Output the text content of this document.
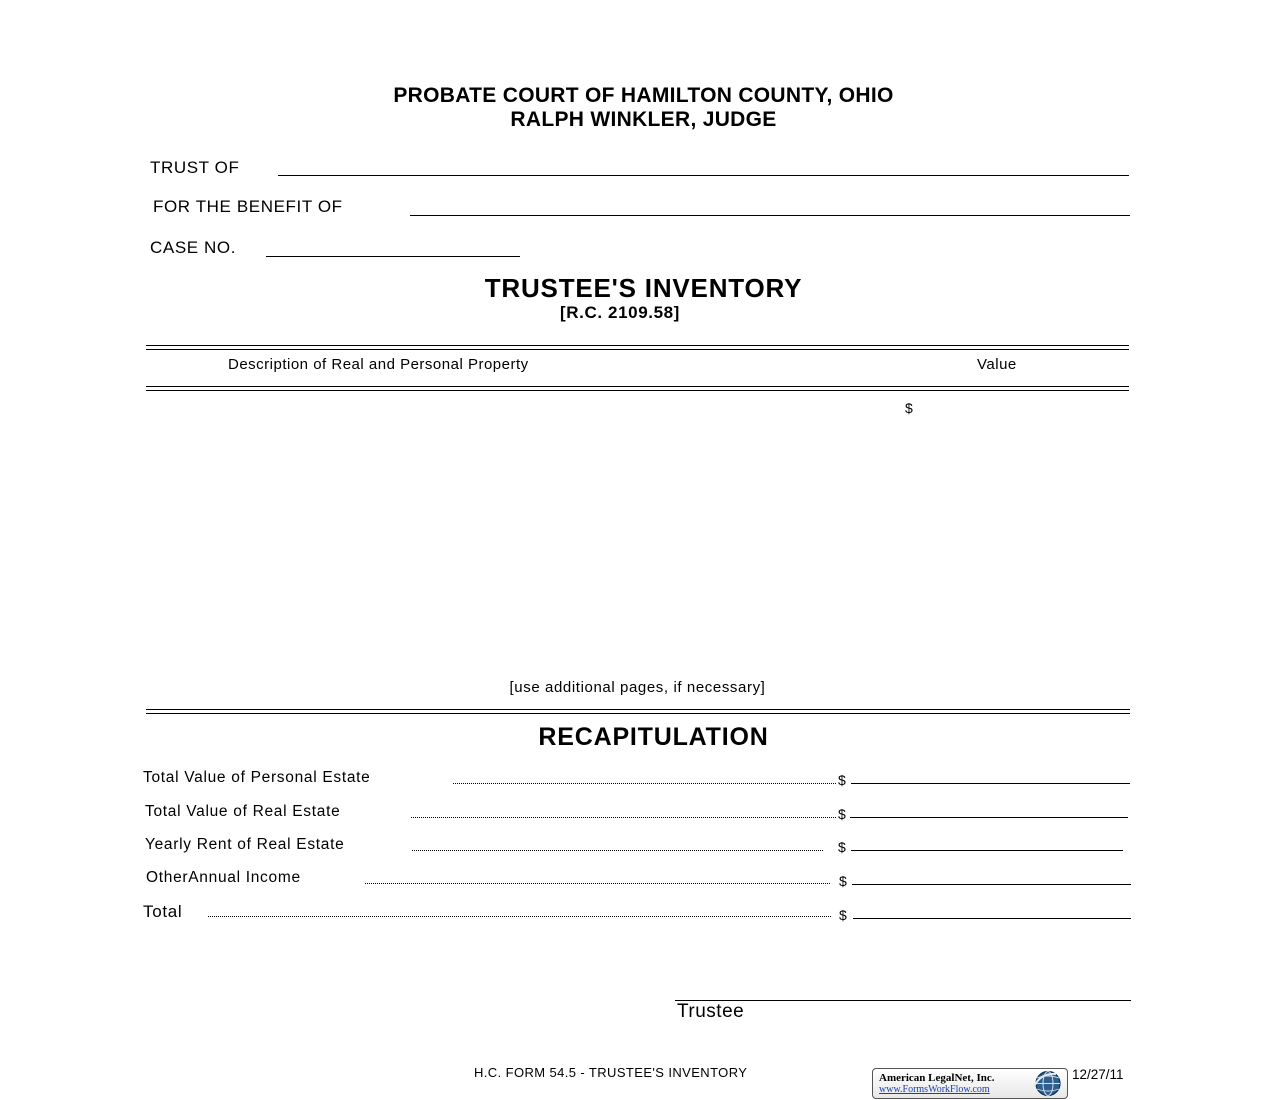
PROBATE COURT OF HAMILTON COUNTY, OHIO
RALPH WINKLER, JUDGE
TRUST OF
FOR THE BENEFIT OF
CASE NO.
TRUSTEE'S INVENTORY
[R.C. 2109.58]
Description of Real and Personal Property	Value
$
[use additional pages, if necessary]
RECAPITULATION
Total Value of Personal Estate	$
Total Value of Real Estate	$
Yearly Rent of Real Estate	$
OtherAnnual Income	$
Total	$
Trustee
H.C. FORM 54.5 - TRUSTEE'S INVENTORY	American LegalNet, Inc.
www.FormsWorkFlow.com
12/27/11
